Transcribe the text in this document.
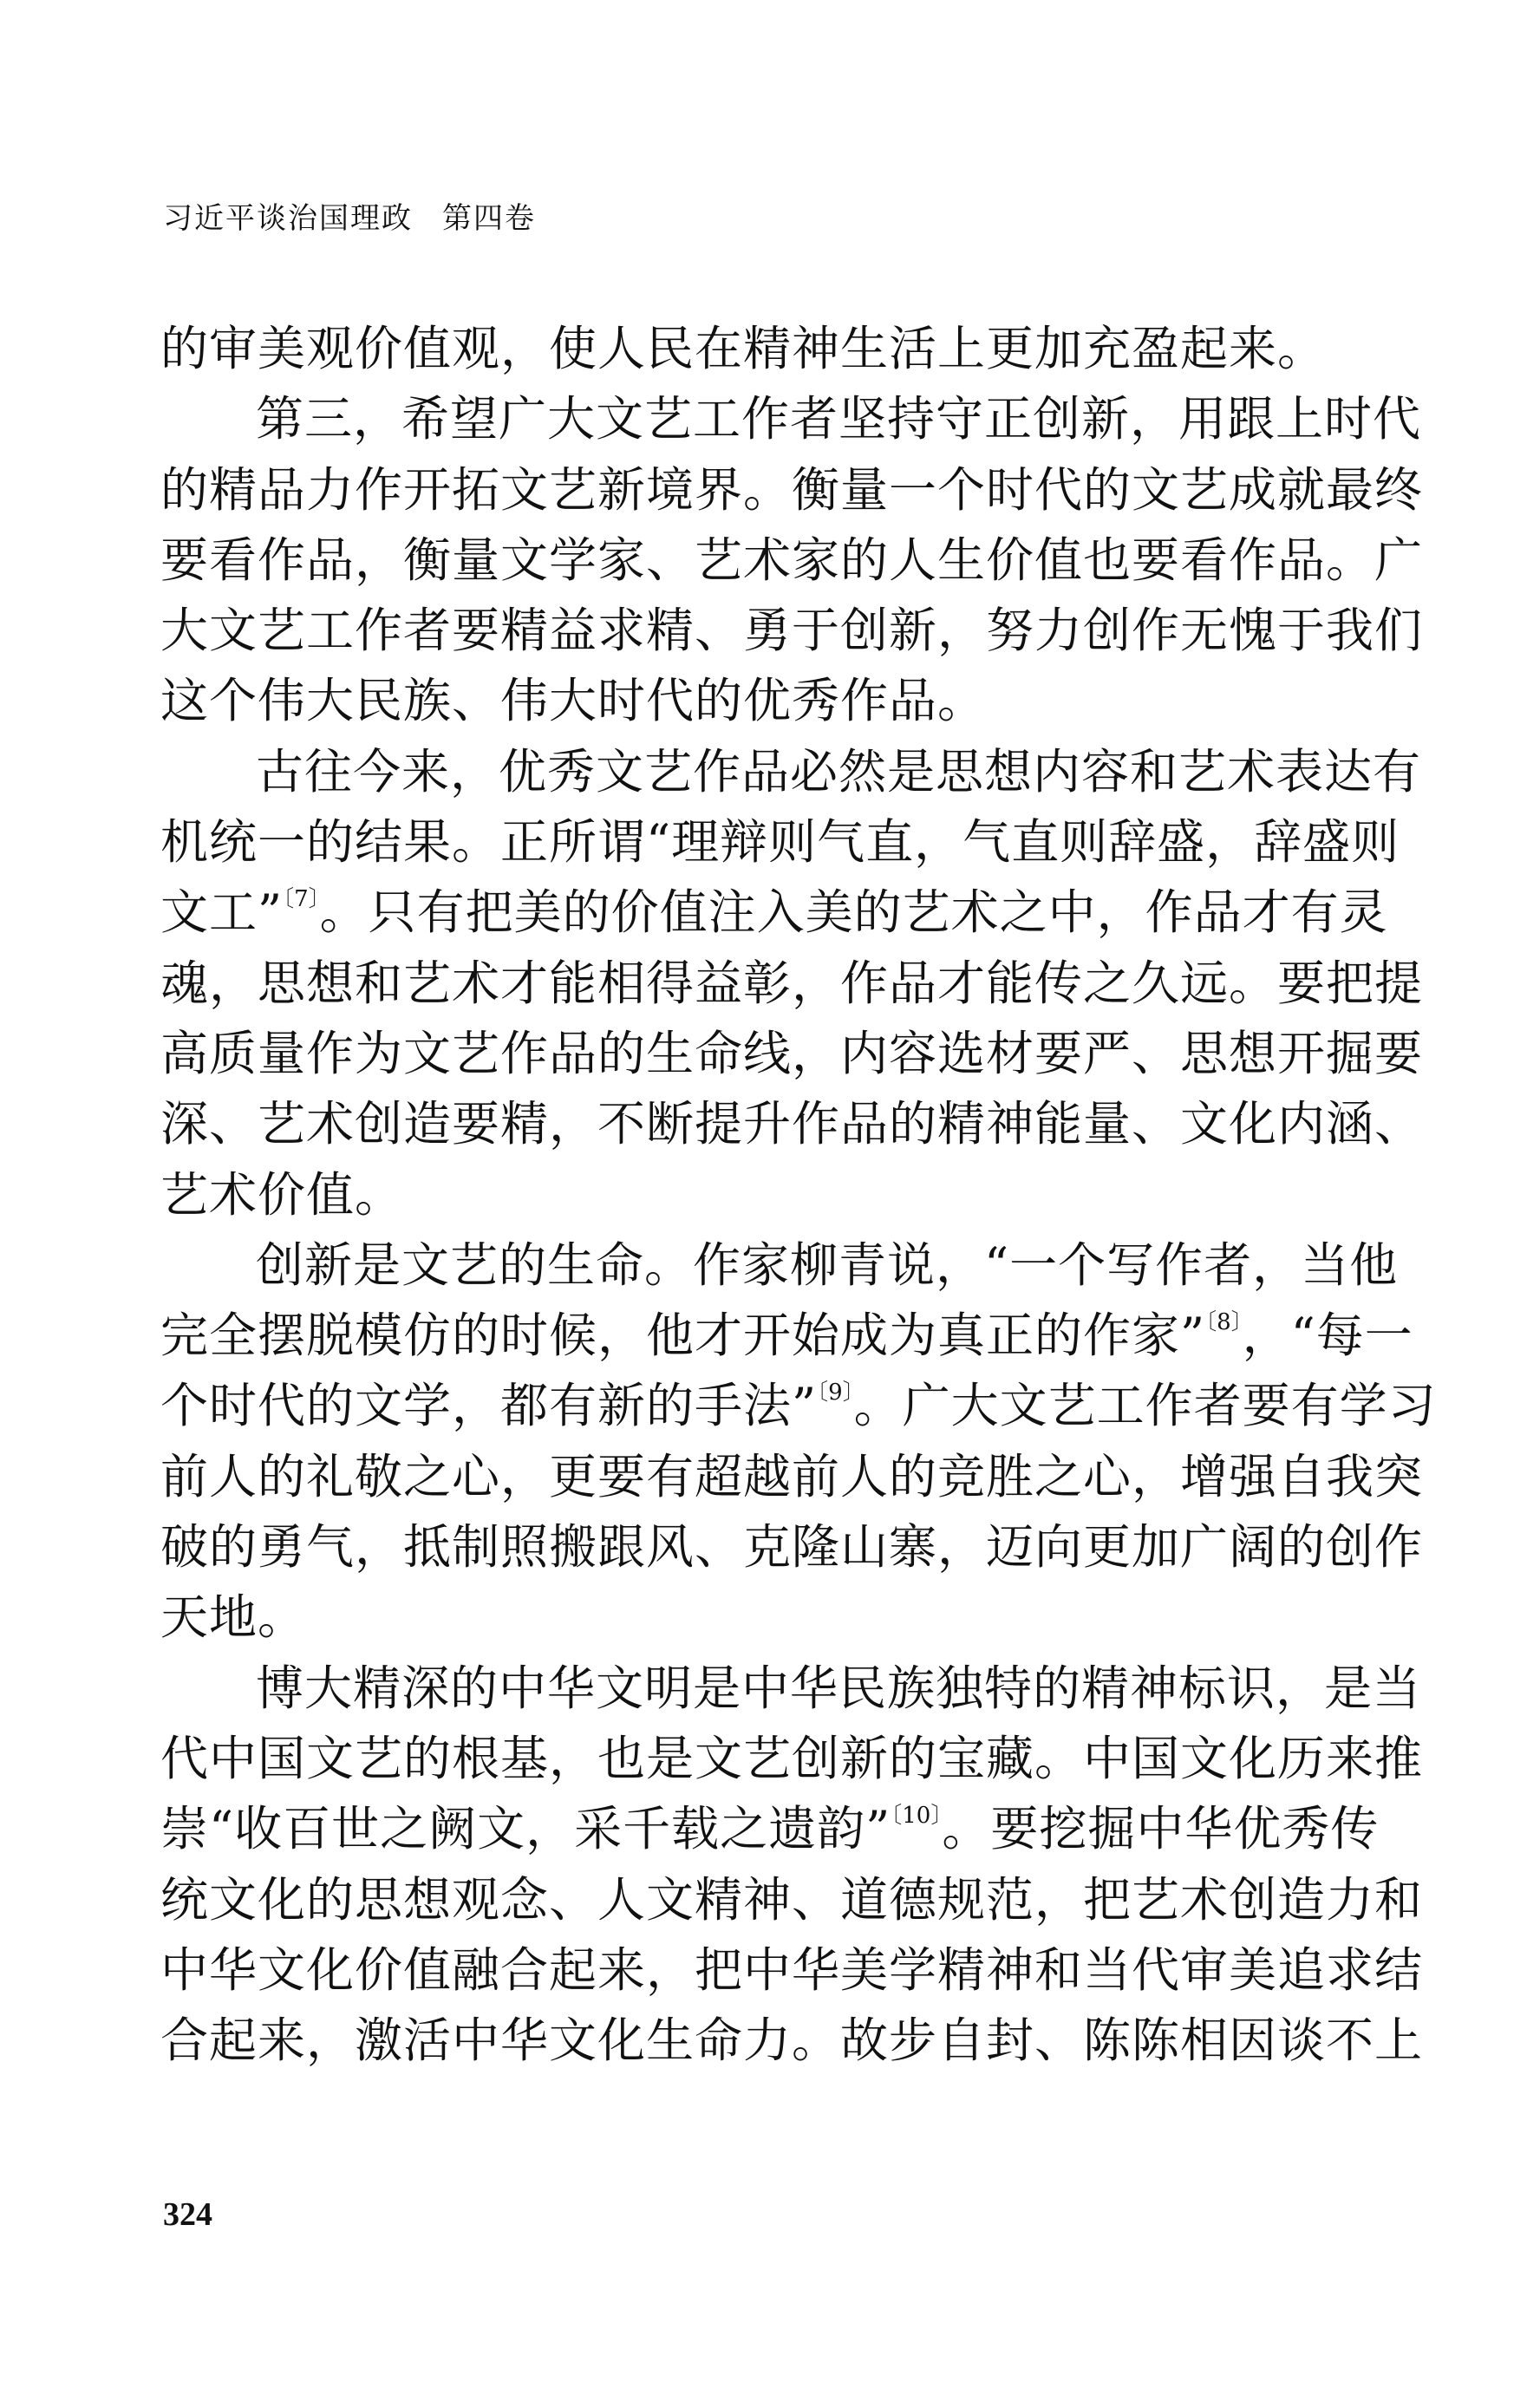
习近平谈治国理政 第四卷
的审美观价值观，使人民在精神生活上更加充盈起来。
第三，希望广大文艺工作者坚持守正创新，用跟上时代
的精品力作开拓文艺新境界。衡量一个时代的文艺成就最终
要看作品，衡量文学家、艺术家的人生价值也要看作品。广
大文艺工作者要精益求精、勇于创新，努力创作无愧于我们
这个伟大民族、伟大时代的优秀作品。
古往今来，优秀文艺作品必然是思想内容和艺术表达有
机统一的结果。正所谓“理辩则气直，气直则辞盛，辞盛则
文工”$^{〔7〕}$。只有把美的价值注入美的艺术之中，作品才有灵
魂，思想和艺术才能相得益彰，作品才能传之久远。要把提
高质量作为文艺作品的生命线，内容选材要严、思想开掘要
深、艺术创造要精，不断提升作品的精神能量、文化内涵、
艺术价值。
创新是文艺的生命。作家柳青说，“一个写作者，当他
完全摆脱模仿的时候，他才开始成为真正的作家”$^{〔8〕}$，“每一
个时代的文学，都有新的手法”$^{〔9〕}$。广大文艺工作者要有学习
前人的礼敬之心，更要有超越前人的竞胜之心，增强自我突
破的勇气，抵制照搬跟风、克隆山寨，迈向更加广阔的创作
天地。
博大精深的中华文明是中华民族独特的精神标识，是当
代中国文艺的根基，也是文艺创新的宝藏。中国文化历来推
崇“收百世之阙文，采千载之遗韵”$^{〔10〕}$。要挖掘中华优秀传
统文化的思想观念、人文精神、道德规范，把艺术创造力和
中华文化价值融合起来，把中华美学精神和当代审美追求结
合起来，激活中华文化生命力。故步自封、陈陈相因谈不上
324
